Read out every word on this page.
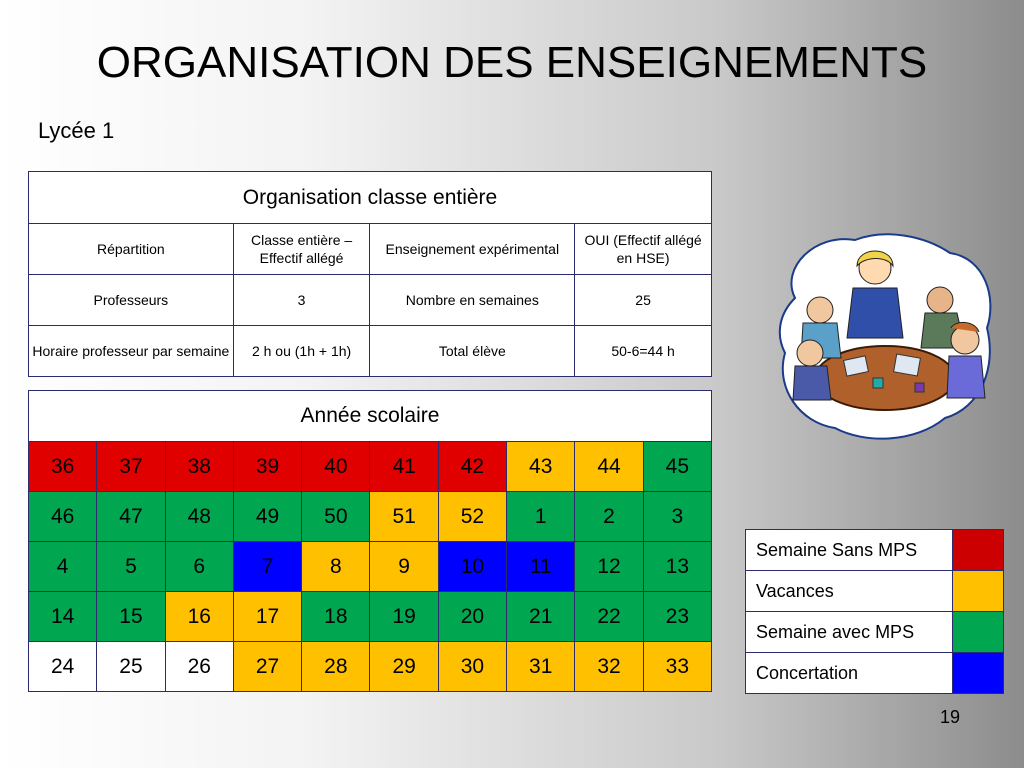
ORGANISATION DES ENSEIGNEMENTS
Lycée 1
Organisation classe entière			
Répartition	Classe entière – Effectif allégé	Enseignement expérimental	OUI (Effectif allégé en HSE)
Professeurs	3	Nombre en semaines	25
Horaire professeur par semaine	2 h ou (1h + 1h)	Total élève	50-6=44 h
Année scolaire									
36	37	38	39	40	41	42	43	44	45
46	47	48	49	50	51	52	1	2	3
4	5	6	7	8	9	10	11	12	13
14	15	16	17	18	19	20	21	22	23
24	25	26	27	28	29	30	31	32	33
Semaine Sans MPS	
Vacances	
Semaine avec MPS	
Concertation	
19
